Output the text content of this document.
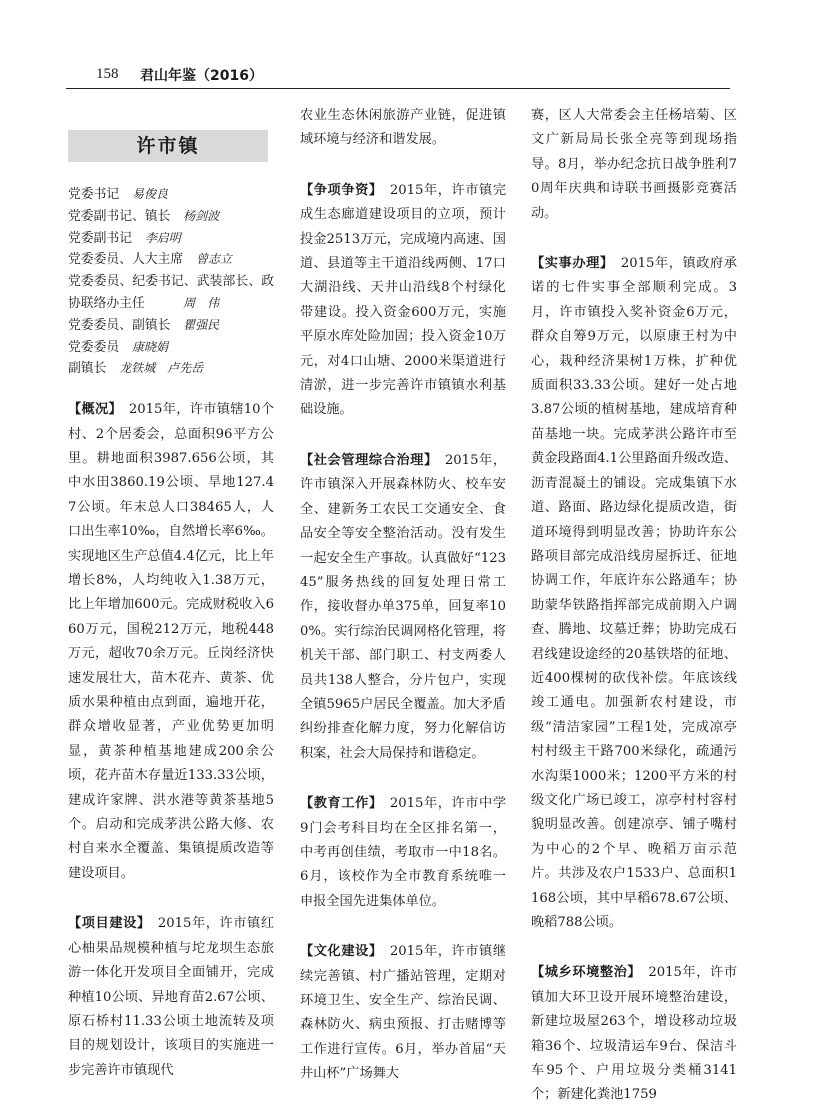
158 君山年鉴（2016）
许市镇
党委书记　 易俊良
党委副书记、镇长　 杨剑波
党委副书记　 李启明
党委委员、人大主席　 曾志立
党委委员、纪委书记、武装部长、政协联络办主任　　　	周　伟
党委委员、副镇长　 瞿强民
党委委员　 康晓娟
副镇长　 龙铁城　卢先岳

【概况】　 2015年，许市镇辖10个村、2个居委会，总面积96平方公里。耕地面积3987.656公顷，其中水田3860.19公顷、旱地127.47公顷。年末总人口38465人，人口出生率10‰，自然增长率6‰。实现地区生产总值4.4亿元，比上年增长8%，人均纯收入1.38万元，比上年增加600元。完成财税收入660万元，国税212万元，地税448万元，超收70余万元。丘岗经济快速发展壮大，苗木花卉、黄茶、优质水果种植由点到面，遍地开花，群众增收显著，产业优势更加明显，黄茶种植基地建成200余公顷，花卉苗木存量近133.33公顷，建成许家牌、洪水港等黄茶基地5个。启动和完成茅洪公路大修、农村自来水全覆盖、集镇提质改造等建设项目。

【项目建设】　 2015年，许市镇红心柚果品规模种植与坨龙坝生态旅游一体化开发项目全面铺开，完成种植10公顷、异地育苗2.67公顷、原石桥村11.33公顷土地流转及项目的规划设计，该项目的实施进一步完善许市镇现代

农业生态休闲旅游产业链，促进镇域环境与经济和谐发展。

【争项争资】　 2015年，许市镇完成生态廊道建设项目的立项，预计投金2513万元，完成境内高速、国道、县道等主干道沿线两侧、17口大湖沿线、天井山沿线8个村绿化带建设。投入资金600万元，实施平原水库处险加固；投入资金10万元，对4口山塘、2000米渠道进行清淤，进一步完善许市镇镇水利基础设施。

【社会管理综合治理】　 2015年，许市镇深入开展森林防火、校车安全、建新务工农民工交通安全、食品安全等安全整治活动。没有发生一起安全生产事故。认真做好“12345”服务热线的回复处理日常工作，接收督办单375单，回复率100%。实行综治民调网格化管理，将机关干部、部门职工、村支两委人员共138人整合，分片包户，实现全镇5965户居民全覆盖。加大矛盾纠纷排查化解力度，努力化解信访积案，社会大局保持和谐稳定。

【教育工作】　 2015年，许市中学9门会考科目均在全区排名第一，中考再创佳绩，考取市一中18名。6月，该校作为全市教育系统唯一申报全国先进集体单位。

【文化建设】　 2015年，许市镇继续完善镇、村广播站管理，定期对环境卫生、安全生产、综治民调、森林防火、病虫预报、打击赌博等工作进行宣传。6月，举办首届“天井山杯”广场舞大

赛，区人大常委会主任杨培菊、区文广新局局长张全亮等到现场指导。8月，举办纪念抗日战争胜利70周年庆典和诗联书画摄影竞赛活动。

【实事办理】　 2015年，镇政府承诺的七件实事全部顺利完成。3月，许市镇投入奖补资金6万元，群众自筹9万元，以原康王村为中心，栽种经济果树1万株，扩种优质面积33.33公顷。建好一处占地3.87公顷的植树基地，建成培育种苗基地一块。完成茅洪公路许市至黄金段路面4.1公里路面升级改造、沥青混凝土的铺设。完成集镇下水道、路面、路边绿化提质改造，街道环境得到明显改善；协助许东公路项目部完成沿线房屋拆迁、征地协调工作，年底许东公路通车；协助蒙华铁路指挥部完成前期入户调查、腾地、坟墓迁葬；协助完成石君线建设途经的20基铁塔的征地、近400棵树的砍伐补偿。年底该线竣工通电。加强新农村建设，市级“清洁家园”工程1处，完成凉亭村村级主干路700米绿化，疏通污水沟渠1000米；1200平方米的村级文化广场已竣工，凉亭村村容村貌明显改善。创建凉亭、铺子嘴村为中心的2个早、晚稻万亩示范片。共涉及农户1533户、总面积1168公顷，其中早稻678.67公顷、晚稻788公顷。

【城乡环境整治】　 2015年，许市镇加大环卫设开展环境整治建设，新建垃圾屋263个，增设移动垃圾箱36个、垃圾清运车9台、保洁斗车95个、户用垃圾分类桶3141个；新建化粪池1759
